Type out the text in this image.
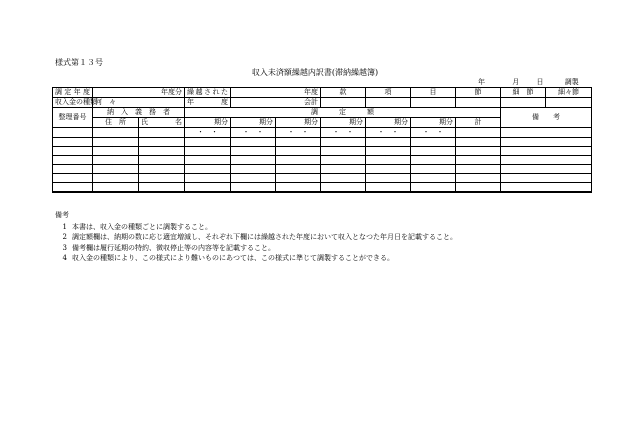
様式第１３号
収入未済額繰越内訳書(滞納繰越簿)
年	月 日	調製
調定年度	年度分		繰越された	年度		款	項	目	節	細　節	細々節
収入金の種類	何　々		年　　度	会計							
整理番号	納　入　義　務　者		調　　　定　　　額							備　　考	
	住　所	氏　　名	期分	期分	期分	期分	期分	期分	計		
			・　・	・　・	・　・	・　・	・　・	・　・			

備考
1 本書は、収入金の種類ごとに調製すること。
2 調定額欄は、納期の数に応じ適宜増減し、それぞれ下欄には繰越された年度において収入となつた年月日を記載すること。
3 備考欄は履行延期の特約、徴収停止等の内容等を記載すること。
4 収入金の種類により、この様式により難いものにあつては、この様式に準じて調製することができる。
